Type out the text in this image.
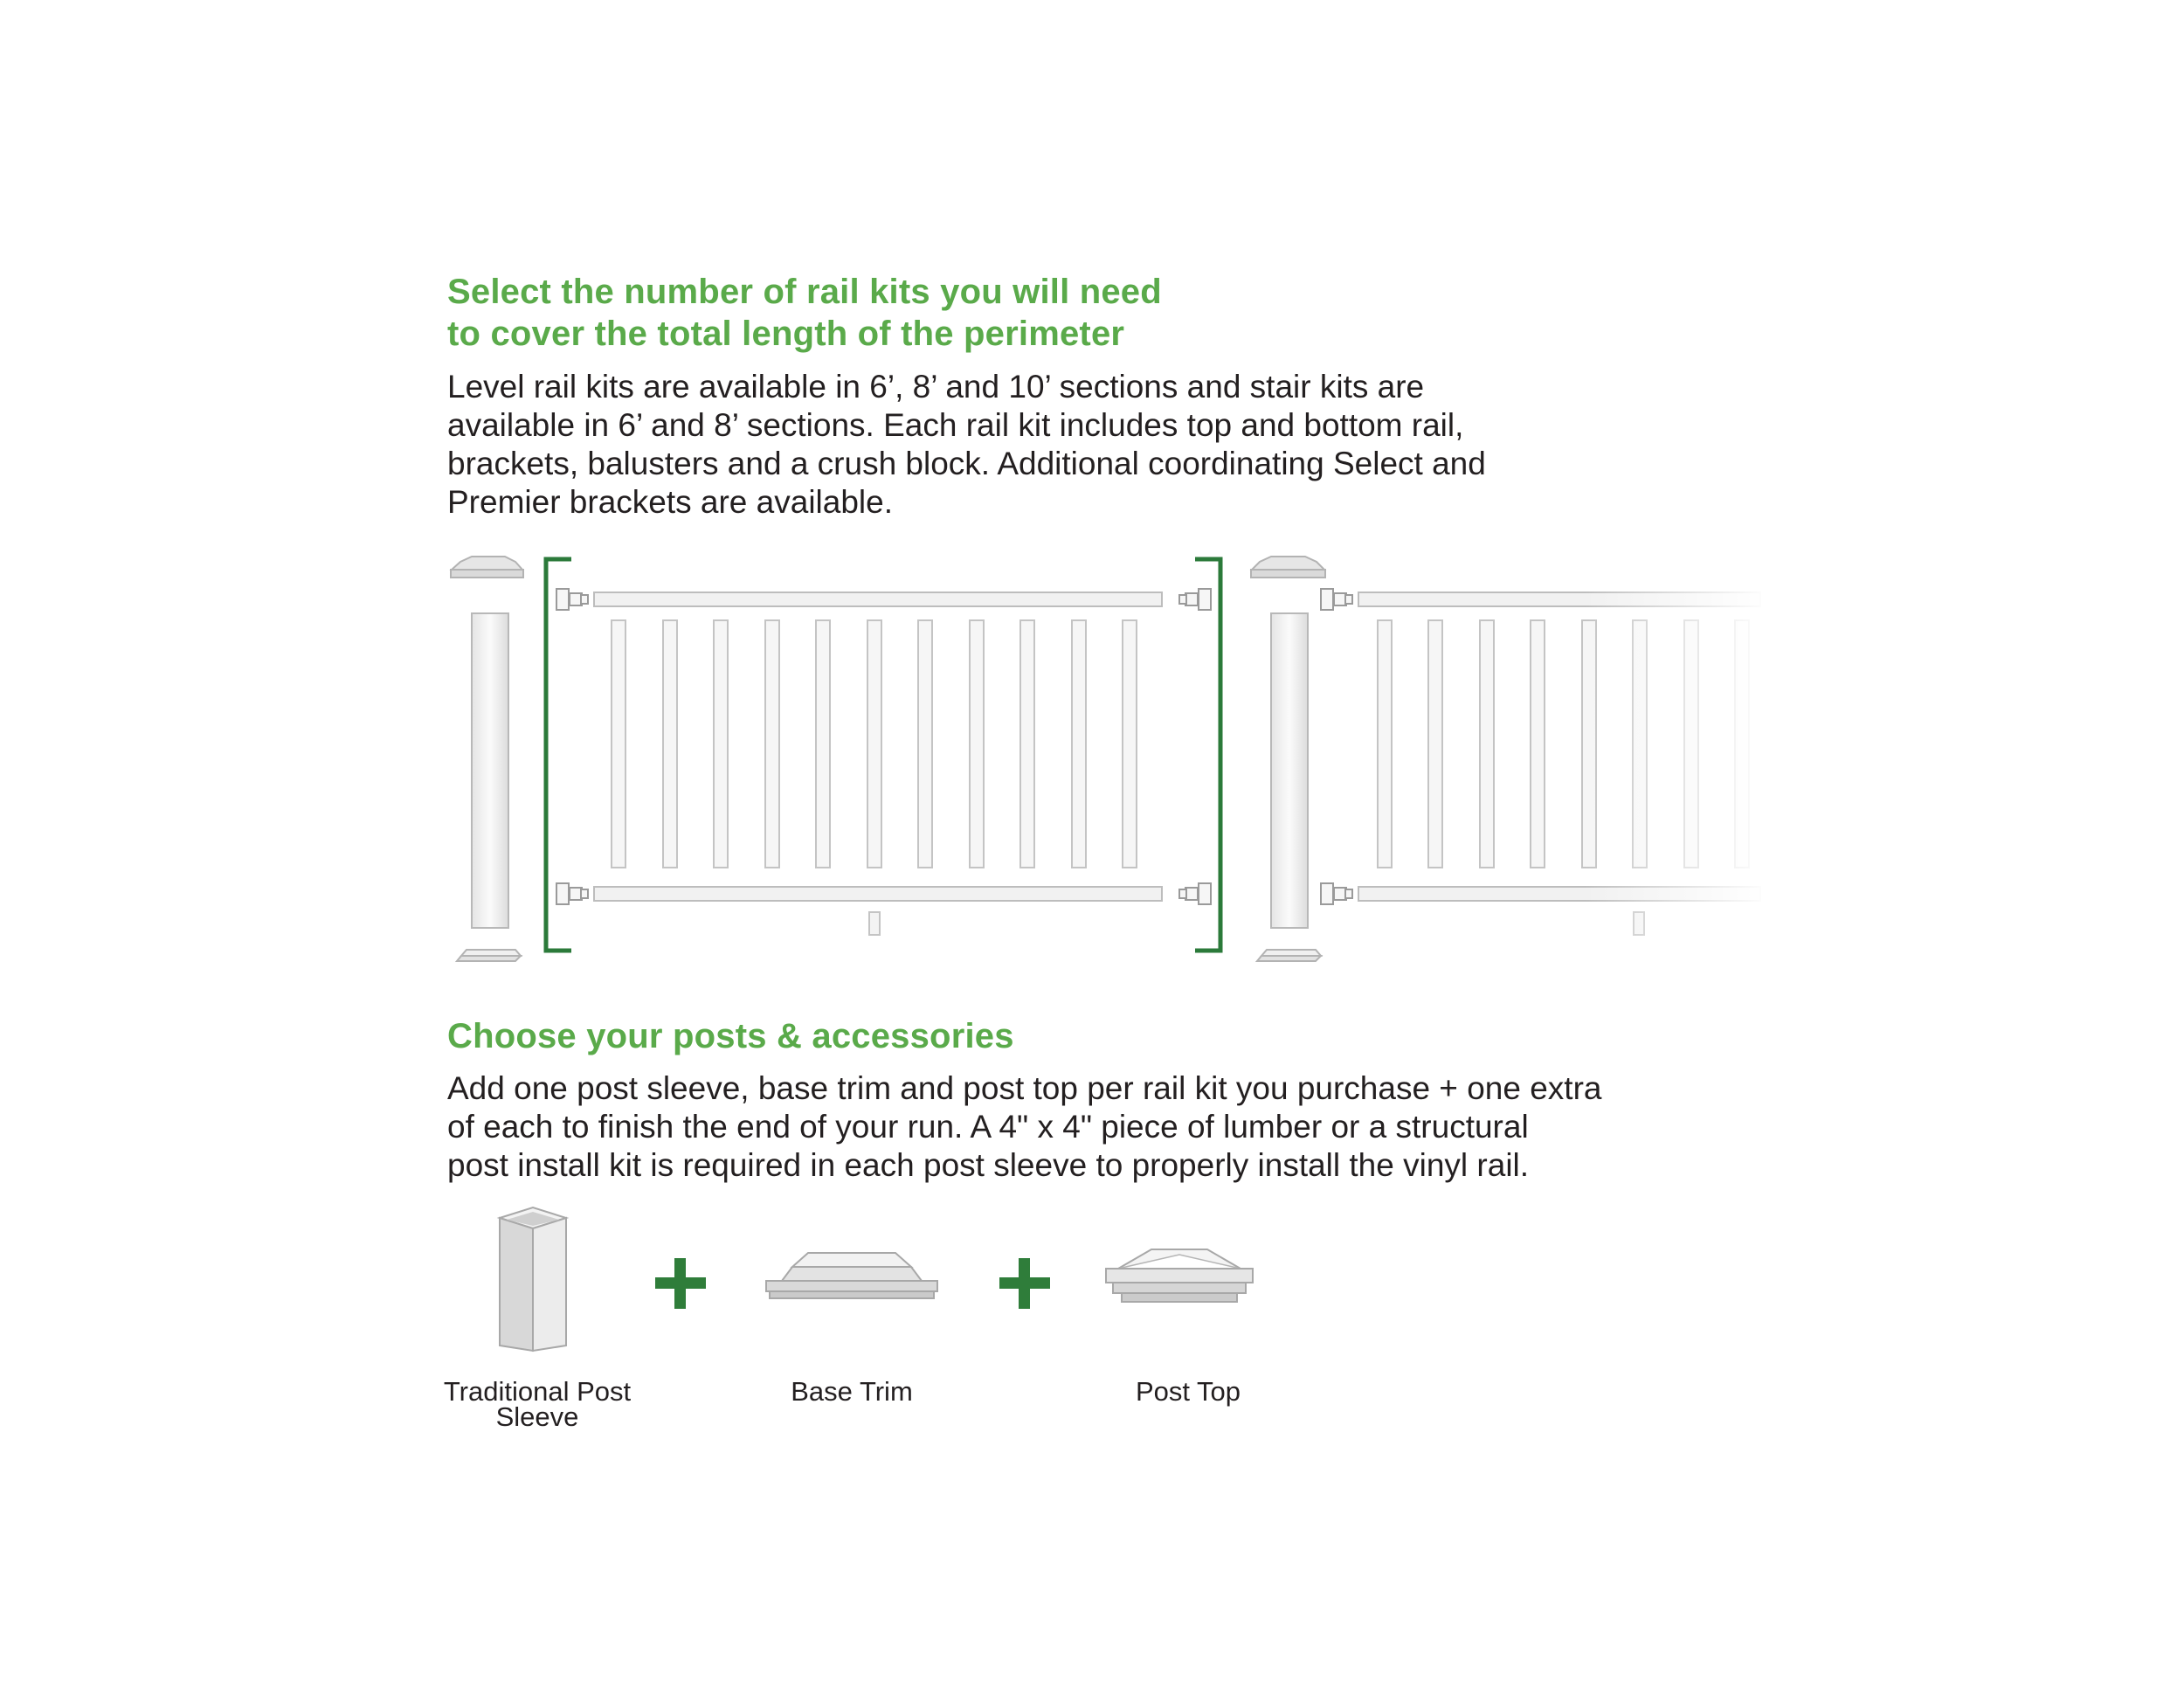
Select the number of rail kits you will need
to cover the total length of the perimeter

Level rail kits are available in 6’, 8’ and 10’ sections and stair kits are
available in 6’ and 8’ sections. Each rail kit includes top and bottom rail,
brackets, balusters and a crush block. Additional coordinating Select and
Premier brackets are available.

Choose your posts & accessories

Add one post sleeve, base trim and post top per rail kit you purchase + one extra
of each to finish the end of your run. A 4" x 4" piece of lumber or a structural
post install kit is required in each post sleeve to properly install the vinyl rail.

Traditional Post
Sleeve
Base Trim	Post Top
